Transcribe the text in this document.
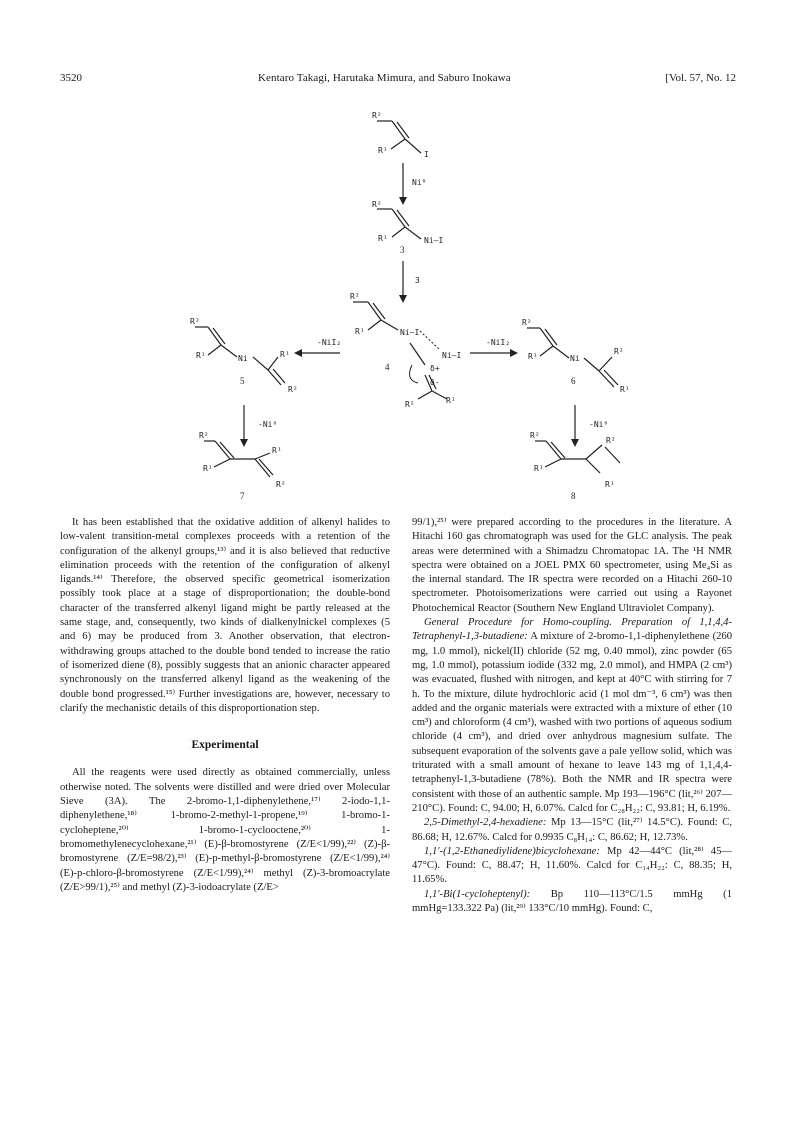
3520	Kentaro Takagi, Harutaka Mimura, and Saburo Inokawa	[Vol. 57, No. 12
R²
R¹	I
Ni⁰
R²
R¹
3
Ni—I
3
R²
R¹	Ni—I
4
Ni—I
δ+
δ-
R²	R¹
-NiI₂	-NiI₂
R²
R¹	Ni	R¹
R²
5
R²
R¹	Ni
R²
R¹
6
-Ni⁰	-Ni⁰
R²
R¹
R¹
R²
7
R²
R¹
R²
R¹
8

It has been established that the oxidative addition of alkenyl halides to low-valent transition-metal complexes proceeds with a retention of the configuration of the alkenyl groups,¹³⁾ and it is also believed that reductive elimination proceeds with the retention of the configuration of alkenyl ligands.¹⁴⁾ Therefore, the observed specific geometrical isomerization possibly took place at a stage of disproportionation; the double-bond character of the transferred alkenyl ligand might be partly released at the same stage, and, consequently, two kinds of dialkenylnickel complexes (5 and 6) may be produced from 3. Another observation, that electron-withdrawing groups attached to the double bond tended to increase the ratio of isomerized diene (8), possibly suggests that an anionic character appeared synchronously on the transferred alkenyl ligand as the weakening of the double bond progressed.¹⁵⁾ Further investigations are, however, necessary to clarify the mechanistic details of this disproportionation step.

Experimental

All the reagents were used directly as obtained commercially, unless otherwise noted. The solvents were distilled and were dried over Molecular Sieve (3A). The 2-bromo-1,1-diphenylethene,¹⁷⁾ 2-iodo-1,1-diphenylethene,¹⁸⁾ 1-bromo-2-methyl-1-propene,¹⁹⁾ 1-bromo-1-cycloheptene,²⁰⁾ 1-bromo-1-cyclooctene,²⁰⁾ 1-bromomethylenecyclohexane,²¹⁾ (E)-β-bromostyrene (Z/E<1/99),²²⁾ (Z)-β-bromostyrene (Z/E=98/2),²³⁾ (E)-p-methyl-β-bromostyrene (Z/E<1/99),²⁴⁾ (E)-p-chloro-β-bromostyrene (Z/E<1/99),²⁴⁾ methyl (Z)-3-bromoacrylate (Z/E>99/1),²⁵⁾ and methyl (Z)-3-iodoacrylate (Z/E>

99/1),²⁵⁾ were prepared according to the procedures in the literature. A Hitachi 160 gas chromatograph was used for the GLC analysis. The peak areas were determined with a Shimadzu Chromatopac 1A. The ¹H NMR spectra were obtained on a JOEL PMX 60 spectrometer, using Me₄Si as the internal standard. The IR spectra were recorded on a Hitachi 260-10 spectrometer. Photoisomerizations were carried out using a Rayonet Photochemical Reactor (Southern New England Ultraviolet Company).

General Procedure for Homo-coupling. Preparation of 1,1,4,4-Tetraphenyl-1,3-butadiene: A mixture of 2-bromo-1,1-diphenylethene (260 mg, 1.0 mmol), nickel(II) chloride (52 mg, 0.40 mmol), zinc powder (65 mg, 1.0 mmol), potassium iodide (332 mg, 2.0 mmol), and HMPA (2 cm³) was evacuated, flushed with nitrogen, and kept at 40°C with stirring for 7 h. To the mixture, dilute hydrochloric acid (1 mol dm⁻³, 6 cm³) was then added and the organic materials were extracted with a mixture of ether (10 cm³) and chloroform (4 cm³), washed with two portions of aqueous sodium chloride (4 cm³), and dried over anhydrous magnesium sulfate. The subsequent evaporation of the solvents gave a pale yellow solid, which was triturated with a small amount of hexane to leave 143 mg of 1,1,4,4-tetraphenyl-1,3-butadiene (78%). Both the NMR and IR spectra were consistent with those of an authentic sample. Mp 193—196°C (lit,²⁶⁾ 207—210°C). Found: C, 94.00; H, 6.07%. Calcd for C₂₈H₂₂: C, 93.81; H, 6.19%.

2,5-Dimethyl-2,4-hexadiene: Mp 13—15°C (lit,²⁷⁾ 14.5°C). Found: C, 86.68; H, 12.67%. Calcd for 0.9935 C₈H₁₄: C, 86.62; H, 12.73%.

1,1′-(1,2-Ethanediylidene)bicyclohexane: Mp 42—44°C (lit,²⁸⁾ 45—47°C). Found: C, 88.47; H, 11.60%. Calcd for C₁₄H₂₂: C, 88.35; H, 11.65%.

1,1′-Bi(1-cycloheptenyl): Bp 110—113°C/1.5 mmHg (1 mmHg=133.322 Pa) (lit,²⁹⁾ 133°C/10 mmHg). Found: C,
